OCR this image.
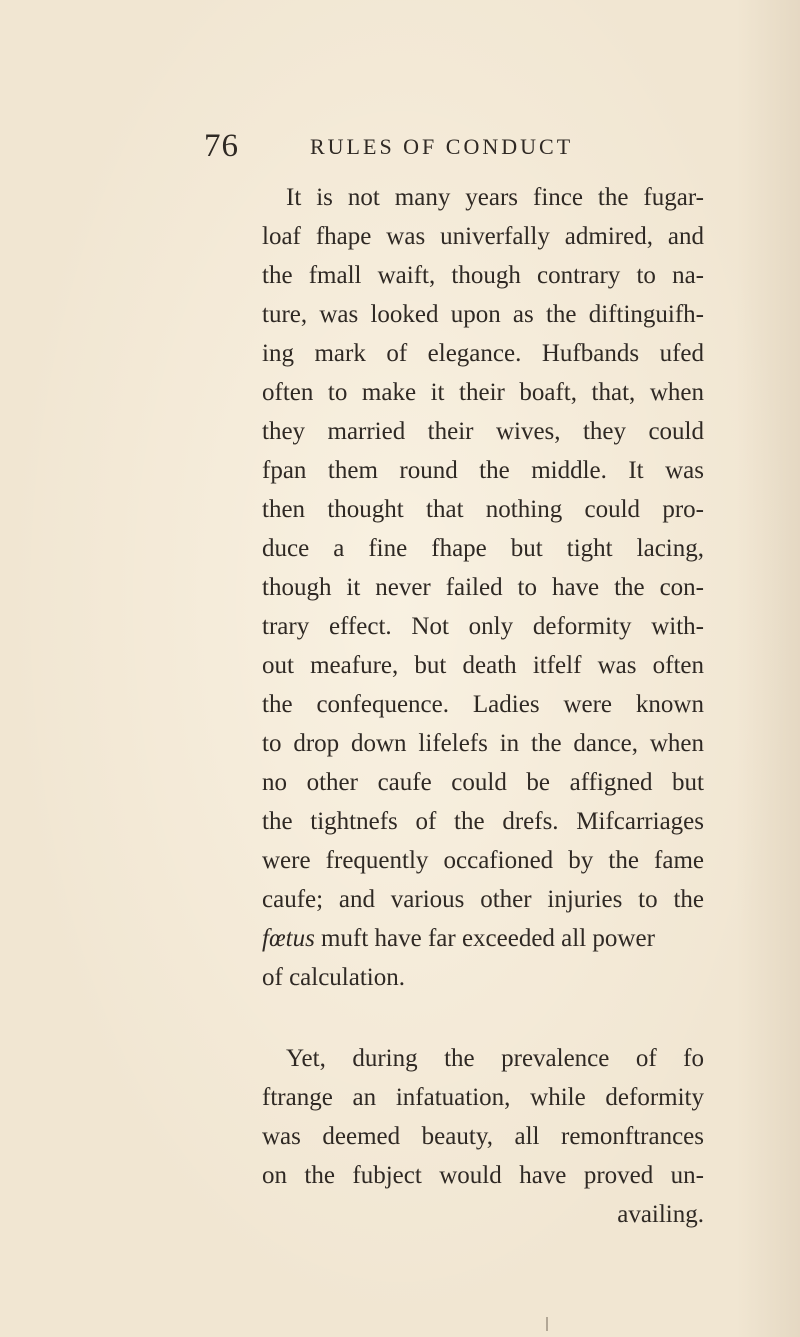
76	RULES OF CONDUCT
It is not many years fince the fugar-
loaf fhape was univerfally admired, and
the fmall waift, though contrary to na-
ture, was looked upon as the diftinguifh-
ing mark of elegance. Hufbands ufed
often to make it their boaft, that, when
they married their wives, they could
fpan them round the middle. It was
then thought that nothing could pro-
duce a fine fhape but tight lacing,
though it never failed to have the con-
trary effect. Not only deformity with-
out meafure, but death itfelf was often
the confequence. Ladies were known
to drop down lifelefs in the dance, when
no other caufe could be affigned but
the tightnefs of the drefs. Mifcarriages
were frequently occafioned by the fame
caufe; and various other injuries to the
fœtus muft have far exceeded all power
of calculation.
Yet, during the prevalence of fo
ftrange an infatuation, while deformity
was deemed beauty, all remonftrances
on the fubject would have proved un-
availing.
